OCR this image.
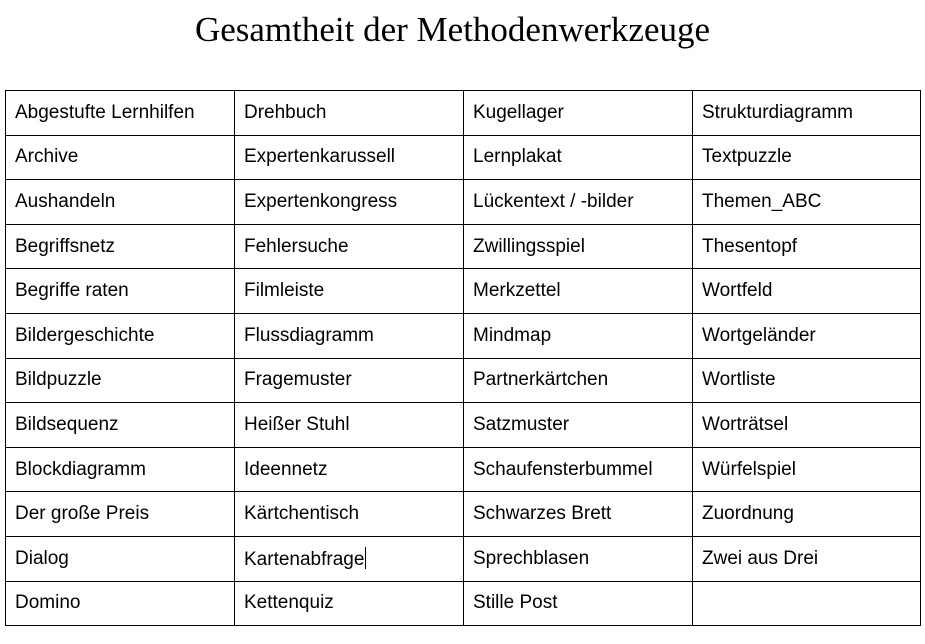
Gesamtheit der Methodenwerkzeuge
Abgestufte Lernhilfen	Drehbuch	Kugellager	Strukturdiagramm
Archive	Expertenkarussell	Lernplakat	Textpuzzle
Aushandeln	Expertenkongress	Lückentext / -bilder	Themen_ABC
Begriffsnetz	Fehlersuche	Zwillingsspiel	Thesentopf
Begriffe raten	Filmleiste	Merkzettel	Wortfeld
Bildergeschichte	Flussdiagramm	Mindmap	Wortgeländer
Bildpuzzle	Fragemuster	Partnerkärtchen	Wortliste
Bildsequenz	Heißer Stuhl	Satzmuster	Worträtsel
Blockdiagramm	Ideennetz	Schaufensterbummel	Würfelspiel
Der große Preis	Kärtchentisch	Schwarzes Brett	Zuordnung
Dialog	Kartenabfrage	Sprechblasen	Zwei aus Drei
Domino	Kettenquiz	Stille Post	
